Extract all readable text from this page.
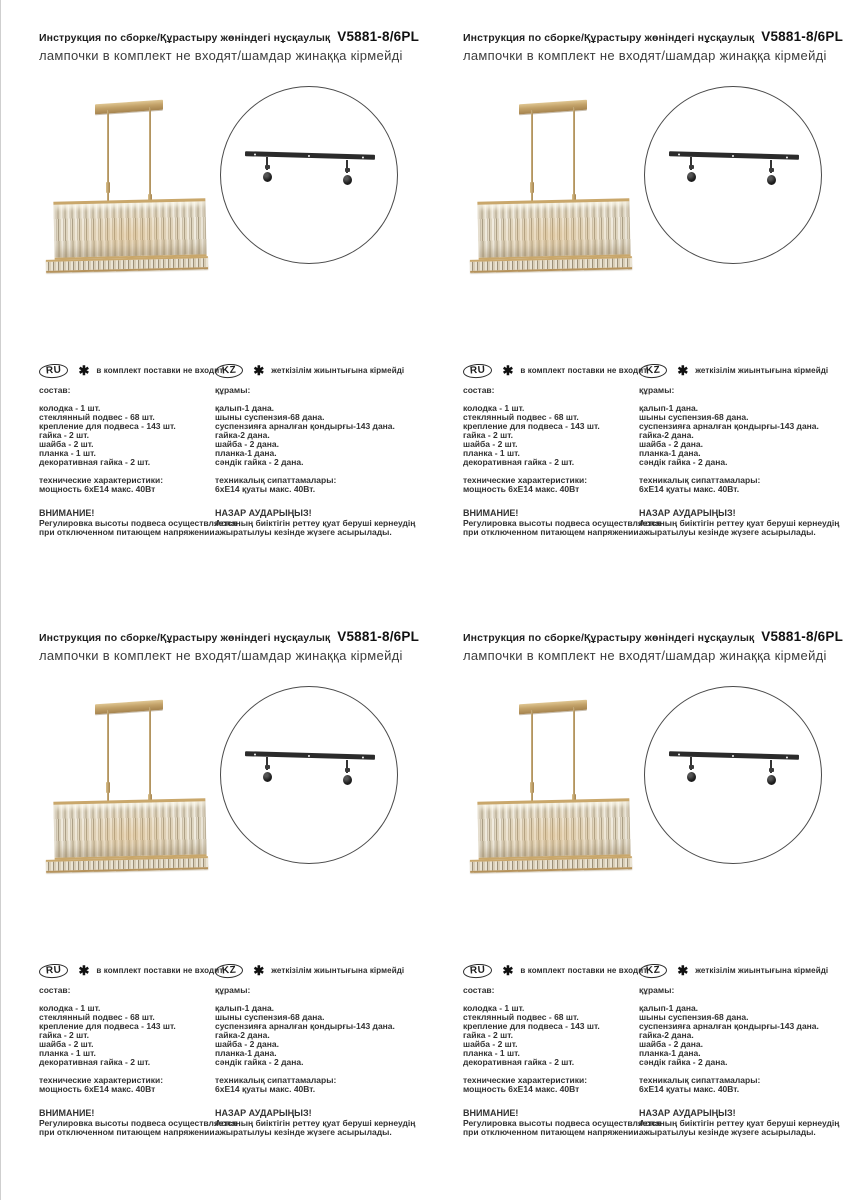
Инструкция по сборке/Құрастыру жөніндегі нұсқаулық V5881-8/6PL
лампочки в комплект не входят/шамдар жинаққа кірмейді
RU	✱ в комплект поставки не входит
состав:
колодка - 1 шт.
стеклянный подвес - 68 шт.
крепление для подвеса - 143 шт.
гайка - 2 шт.
шайба - 2 шт.
планка - 1 шт.
декоративная гайка - 2 шт.
технические характеристики:
мощность 6хЕ14 макс. 40Вт
ВНИМАНИЕ!
Регулировка высоты подвеса осуществляется
при отключенном питающем напряжении.
KZ	✱ жеткізілім жиынтығына кірмейді
құрамы:
қалып-1 дана.
шыны суспензия-68 дана.
суспензияға арналған қондырғы-143 дана.
гайка-2 дана.
шайба - 2 дана.
планка-1 дана.
сәндік гайка - 2 дана.
техникалық сипаттамалары:
6хЕ14 қуаты макс. 40Вт.
НАЗАР АУДАРЫҢЫЗ!
Аспаның биіктігін реттеу қуат беруші кернеудің
ажыратылуы кезінде жүзеге асырылады.
Инструкция по сборке/Құрастыру жөніндегі нұсқаулық V5881-8/6PL
лампочки в комплект не входят/шамдар жинаққа кірмейді
RU	✱ в комплект поставки не входит
состав:
колодка - 1 шт.
стеклянный подвес - 68 шт.
крепление для подвеса - 143 шт.
гайка - 2 шт.
шайба - 2 шт.
планка - 1 шт.
декоративная гайка - 2 шт.
технические характеристики:
мощность 6хЕ14 макс. 40Вт
ВНИМАНИЕ!
Регулировка высоты подвеса осуществляется
при отключенном питающем напряжении.
KZ	✱ жеткізілім жиынтығына кірмейді
құрамы:
қалып-1 дана.
шыны суспензия-68 дана.
суспензияға арналған қондырғы-143 дана.
гайка-2 дана.
шайба - 2 дана.
планка-1 дана.
сәндік гайка - 2 дана.
техникалық сипаттамалары:
6хЕ14 қуаты макс. 40Вт.
НАЗАР АУДАРЫҢЫЗ!
Аспаның биіктігін реттеу қуат беруші кернеудің
ажыратылуы кезінде жүзеге асырылады.
Инструкция по сборке/Құрастыру жөніндегі нұсқаулық V5881-8/6PL
лампочки в комплект не входят/шамдар жинаққа кірмейді
RU	✱ в комплект поставки не входит
состав:
колодка - 1 шт.
стеклянный подвес - 68 шт.
крепление для подвеса - 143 шт.
гайка - 2 шт.
шайба - 2 шт.
планка - 1 шт.
декоративная гайка - 2 шт.
технические характеристики:
мощность 6хЕ14 макс. 40Вт
ВНИМАНИЕ!
Регулировка высоты подвеса осуществляется
при отключенном питающем напряжении.
KZ	✱ жеткізілім жиынтығына кірмейді
құрамы:
қалып-1 дана.
шыны суспензия-68 дана.
суспензияға арналған қондырғы-143 дана.
гайка-2 дана.
шайба - 2 дана.
планка-1 дана.
сәндік гайка - 2 дана.
техникалық сипаттамалары:
6хЕ14 қуаты макс. 40Вт.
НАЗАР АУДАРЫҢЫЗ!
Аспаның биіктігін реттеу қуат беруші кернеудің
ажыратылуы кезінде жүзеге асырылады.
Инструкция по сборке/Құрастыру жөніндегі нұсқаулық V5881-8/6PL
лампочки в комплект не входят/шамдар жинаққа кірмейді
RU	✱ в комплект поставки не входит
состав:
колодка - 1 шт.
стеклянный подвес - 68 шт.
крепление для подвеса - 143 шт.
гайка - 2 шт.
шайба - 2 шт.
планка - 1 шт.
декоративная гайка - 2 шт.
технические характеристики:
мощность 6хЕ14 макс. 40Вт
ВНИМАНИЕ!
Регулировка высоты подвеса осуществляется
при отключенном питающем напряжении.
KZ	✱ жеткізілім жиынтығына кірмейді
құрамы:
қалып-1 дана.
шыны суспензия-68 дана.
суспензияға арналған қондырғы-143 дана.
гайка-2 дана.
шайба - 2 дана.
планка-1 дана.
сәндік гайка - 2 дана.
техникалық сипаттамалары:
6хЕ14 қуаты макс. 40Вт.
НАЗАР АУДАРЫҢЫЗ!
Аспаның биіктігін реттеу қуат беруші кернеудің
ажыратылуы кезінде жүзеге асырылады.
